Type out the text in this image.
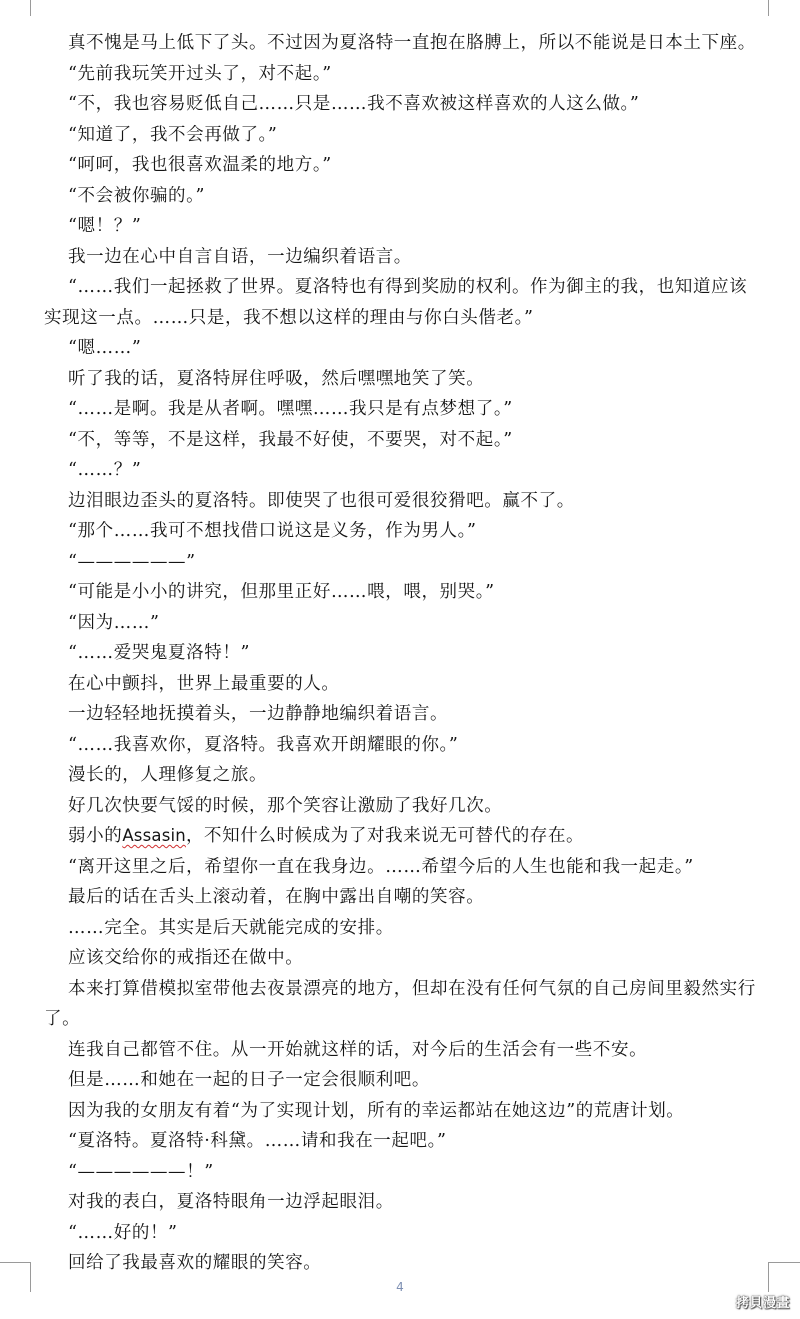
真不愧是马上低下了头。不过因为夏洛特一直抱在胳膊上，所以不能说是日本土下座。
“先前我玩笑开过头了，对不起。”
“不，我也容易贬低自己……只是……我不喜欢被这样喜欢的人这么做。”
“知道了，我不会再做了。”
“呵呵，我也很喜欢温柔的地方。”
“不会被你骗的。”
“嗯！？”
我一边在心中自言自语，一边编织着语言。
“……我们一起拯救了世界。夏洛特也有得到奖励的权利。作为御主的我，也知道应该
实现这一点。……只是，我不想以这样的理由与你白头偕老。”
“嗯……”
听了我的话，夏洛特屏住呼吸，然后嘿嘿地笑了笑。
“……是啊。我是从者啊。嘿嘿……我只是有点梦想了。”
“不，等等，不是这样，我最不好使，不要哭，对不起。”
“……？”
边泪眼边歪头的夏洛特。即使哭了也很可爱很狡猾吧。赢不了。
“那个……我可不想找借口说这是义务，作为男人。”
“——————”
“可能是小小的讲究，但那里正好……喂，喂，别哭。”
“因为……”
“……爱哭鬼夏洛特！”
在心中颤抖，世界上最重要的人。
一边轻轻地抚摸着头，一边静静地编织着语言。
“……我喜欢你，夏洛特。我喜欢开朗耀眼的你。”
漫长的，人理修复之旅。
好几次快要气馁的时候，那个笑容让激励了我好几次。
弱小的Assasin，不知什么时候成为了对我来说无可替代的存在。
“离开这里之后，希望你一直在我身边。……希望今后的人生也能和我一起走。”
最后的话在舌头上滚动着，在胸中露出自嘲的笑容。
……完全。其实是后天就能完成的安排。
应该交给你的戒指还在做中。
本来打算借模拟室带他去夜景漂亮的地方，但却在没有任何气氛的自己房间里毅然实行
了。
连我自己都管不住。从一开始就这样的话，对今后的生活会有一些不安。
但是……和她在一起的日子一定会很顺利吧。
因为我的女朋友有着“为了实现计划，所有的幸运都站在她这边”的荒唐计划。
“夏洛特。夏洛特·科黛。……请和我在一起吧。”
“——————！”
对我的表白，夏洛特眼角一边浮起眼泪。
“……好的！”
回给了我最喜欢的耀眼的笑容。
4
拷貝漫畫
